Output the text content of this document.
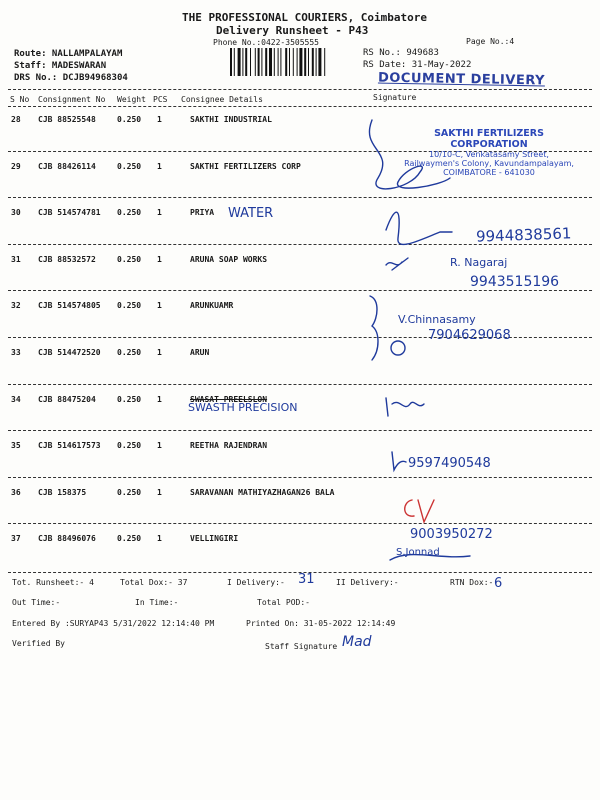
THE PROFESSIONAL COURIERS, Coimbatore
Delivery Runsheet - P43
Phone No.:0422-3505555	Page No.:4
Route: NALLAMPALAYAM
Staff: MADESWARAN
DRS No.: DCJB94968304
RS No.: 949683
RS Date: 31-May-2022
DOCUMENT DELIVERY
S No Consignment No Weight PCS Consignee Details	Signature
28 CJB 88525548	0.250 1	SAKTHI INDUSTRIAL
29 CJB 88426114	0.250 1	SAKTHI FERTILIZERS CORP
30 CJB 514574781 0.250 1	PRIYA
31 CJB 88532572	0.250 1	ARUNA SOAP WORKS
32 CJB 514574805 0.250 1	ARUNKUAMR
33 CJB 514472520 0.250 1	ARUN
34 CJB 88475204	0.250 1	SWASAT PREELSLON
35 CJB 514617573 0.250 1	REETHA RAJENDRAN
36 CJB 158375	0.250 1	SARAVANAN MATHIYAZHAGAN26 BALA
37 CJB 88496076	0.250 1	VELLINGIRI
SAKTHI FERTILIZERS CORPORATION
10/10-C, Venkatasamy Street,
Railwaymen's Colony, Kavundampalayam,
COIMBATORE - 641030
WATER
9944838561
R. Nagaraj
9943515196
V.Chinnasamy
7904629068
SWASTH PRECISION
9597490548
9003950272
S.Jonnad
Tot. Runsheet:- 4	Total Dox:- 37	I Delivery:- 31	II Delivery:-	RTN Dox:- 6
Out Time:-	In Time:-	Total POD:-
Entered By :SURYAP43 5/31/2022 12:14:40 PM	Printed On: 31-05-2022 12:14:49
Verified By	Staff Signature Mad
